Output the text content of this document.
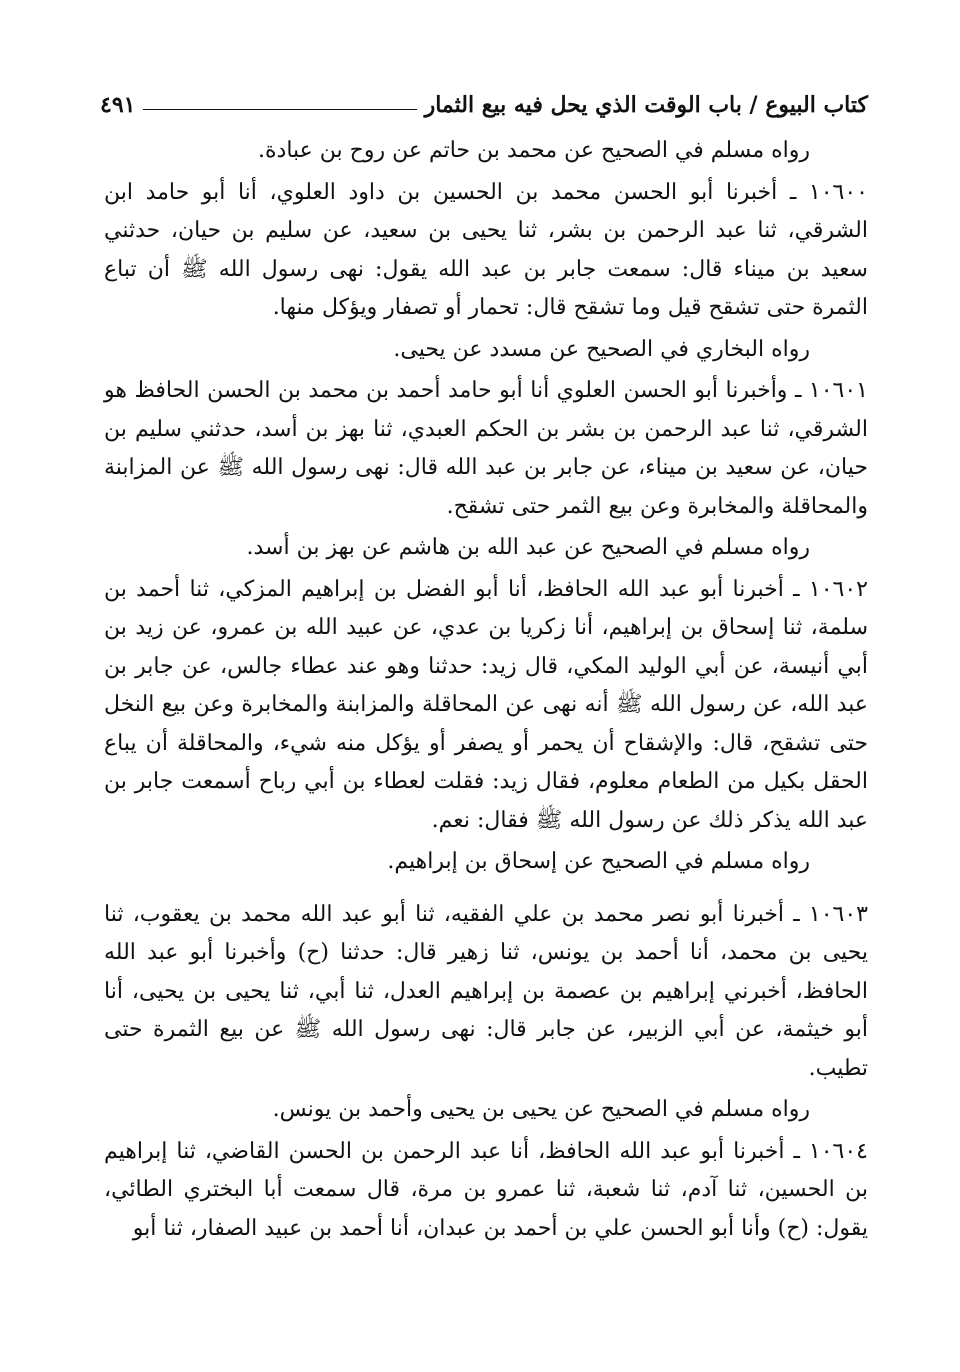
كتاب البيوع / باب الوقت الذي يحل فيه بيع الثمار
٤٩١

رواه مسلم في الصحيح عن محمد بن حاتم عن روح بن عبادة.

١٠٦٠٠ ـ أخبرنا أبو الحسن محمد بن الحسين بن داود العلوي، أنا أبو حامد ابن الشرقي، ثنا عبد الرحمن بن بشر، ثنا يحيى بن سعيد، عن سليم بن حيان، حدثني سعيد بن ميناء قال: سمعت جابر بن عبد الله يقول: نهى رسول الله ﷺ أن تباع الثمرة حتى تشقح قيل وما تشقح قال: تحمار أو تصفار ويؤكل منها.

رواه البخاري في الصحيح عن مسدد عن يحيى.

١٠٦٠١ ـ وأخبرنا أبو الحسن العلوي أنا أبو حامد أحمد بن محمد بن الحسن الحافظ هو الشرقي، ثنا عبد الرحمن بن بشر بن الحكم العبدي، ثنا بهز بن أسد، حدثني سليم بن حيان، عن سعيد بن ميناء، عن جابر بن عبد الله قال: نهى رسول الله ﷺ عن المزابنة والمحاقلة والمخابرة وعن بيع الثمر حتى تشقح.

رواه مسلم في الصحيح عن عبد الله بن هاشم عن بهز بن أسد.

١٠٦٠٢ ـ أخبرنا أبو عبد الله الحافظ، أنا أبو الفضل بن إبراهيم المزكي، ثنا أحمد بن سلمة، ثنا إسحاق بن إبراهيم، أنا زكريا بن عدي، عن عبيد الله بن عمرو، عن زيد بن أبي أنيسة، عن أبي الوليد المكي، قال زيد: حدثنا وهو عند عطاء جالس، عن جابر بن عبد الله، عن رسول الله ﷺ أنه نهى عن المحاقلة والمزابنة والمخابرة وعن بيع النخل حتى تشقح، قال: والإشقاح أن يحمر أو يصفر أو يؤكل منه شيء، والمحاقلة أن يباع الحقل بكيل من الطعام معلوم، فقال زيد: فقلت لعطاء بن أبي رباح أسمعت جابر بن عبد الله يذكر ذلك عن رسول الله ﷺ فقال: نعم.

رواه مسلم في الصحيح عن إسحاق بن إبراهيم.

١٠٦٠٣ ـ أخبرنا أبو نصر محمد بن علي الفقيه، ثنا أبو عبد الله محمد بن يعقوب، ثنا يحيى بن محمد، أنا أحمد بن يونس، ثنا زهير قال: حدثنا (ح) وأخبرنا أبو عبد الله الحافظ، أخبرني إبراهيم بن عصمة بن إبراهيم العدل، ثنا أبي، ثنا يحيى بن يحيى، أنا أبو خيثمة، عن أبي الزبير، عن جابر قال: نهى رسول الله ﷺ عن بيع الثمرة حتى تطيب.

رواه مسلم في الصحيح عن يحيى بن يحيى وأحمد بن يونس.

١٠٦٠٤ ـ أخبرنا أبو عبد الله الحافظ، أنا عبد الرحمن بن الحسن القاضي، ثنا إبراهيم بن الحسين، ثنا آدم، ثنا شعبة، ثنا عمرو بن مرة، قال سمعت أبا البختري الطائي، يقول: (ح) وأنا أبو الحسن علي بن أحمد بن عبدان، أنا أحمد بن عبيد الصفار، ثنا أبو
